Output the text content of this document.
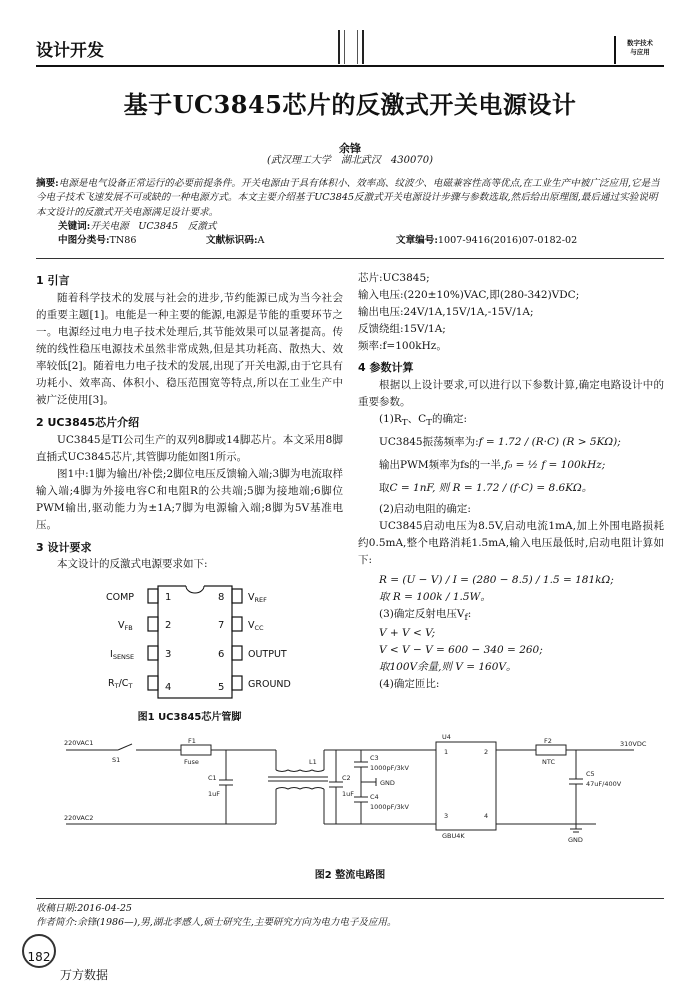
设计开发	数字技术
与应用
基于UC3845芯片的反激式开关电源设计
余锋
(武汉理工大学　湖北武汉　430070)
摘要:电源是电气设备正常运行的必要前提条件。开关电源由于具有体积小、效率高、纹波少、电磁兼容性高等优点,在工业生产中被广泛应用,它是当今电子技术飞速发展不可或缺的一种电源方式。本文主要介绍基于UC3845反激式开关电源设计步骤与参数选取,然后给出原理图,最后通过实验说明本文设计的反激式开关电源满足设计要求。
关键词:开关电源　UC3845　反激式
中图分类号:TN86	文献标识码:A	文章编号:1007-9416(2016)07-0182-02
1 引言

随着科学技术的发展与社会的进步,节约能源已成为当今社会的重要主题[1]。电能是一种主要的能源,电源是节能的重要环节之一。电源经过电力电子技术处理后,其节能效果可以显著提高。传统的线性稳压电源技术虽然非常成熟,但是其功耗高、散热大、效率较低[2]。随着电力电子技术的发展,出现了开关电源,由于它具有功耗小、效率高、体积小、稳压范围宽等特点,所以在工业生产中被广泛使用[3]。

2 UC3845芯片介绍

UC3845是TI公司生产的双列8脚或14脚芯片。本文采用8脚直插式UC3845芯片,其管脚功能如图1所示。

图1中:1脚为输出/补偿;2脚位电压反馈输入端;3脚为电流取样输入端;4脚为外接电容C和电阻R的公共端;5脚为接地端;6脚位PWM输出,驱动能力为±1A;7脚为电源输入端;8脚为5V基准电压。

3 设计要求

本文设计的反激式电源要求如下:

1
2
3
4
8
7
6
5
COMP
$V_{FB}$
$I_{SENSE}$
$R_T/C_T$
$V_{REF}$
$V_{CC}$
OUTPUT
GROUND
图1 UC3845芯片管脚
芯片:UC3845;
输入电压:(220±10%)VAC,即(280-342)VDC;
输出电压:24V/1A,15V/1A,-15V/1A;
反馈绕组:15V/1A;
频率:f=100kHz。
4 参数计算

根据以上设计要求,可以进行以下参数计算,确定电路设计中的重要参数。

$(1)R_T$、$C_T$的确定:
UC3845振荡频率为:f = 1.72 / (R·C) (R > 5KΩ);
输出PWM频率为fs的一半,f₀ = ½ f = 100kHz;
取C = 1nF, 则 R = 1.72 / (f·C) = 8.6KΩ。
(2)启动电阻的确定:

UC3845启动电压为8.5V,启动电流1mA,加上外围电路损耗约0.5mA,整个电路消耗1.5mA,输入电压最低时,启动电阻计算如下:

R = (U − V) / I = (280 − 8.5) / 1.5 = 181kΩ;
取 R = 100k / 1.5W。
(3)确定反射电压$V_f$:
V + V < V;
V < V − V = 600 − 340 = 260;
取100V余量,则 V = 160V。
(4)确定匝比:
220VAC1
220VAC2
S1
F1
Fuse
C1
1uF
L1
C2
1uF
C3
1000pF/3kV
GND
C4
1000pF/3kV
U4
1	2
3	4
GBU4K
F2
NTC
C5
47uF/400V
310VDC
GND
图2 整流电路图
收稿日期:2016-04-25
作者简介:余锋(1986—),男,湖北孝感人,硕士研究生,主要研究方向为电力电子及应用。
182
万方数据
